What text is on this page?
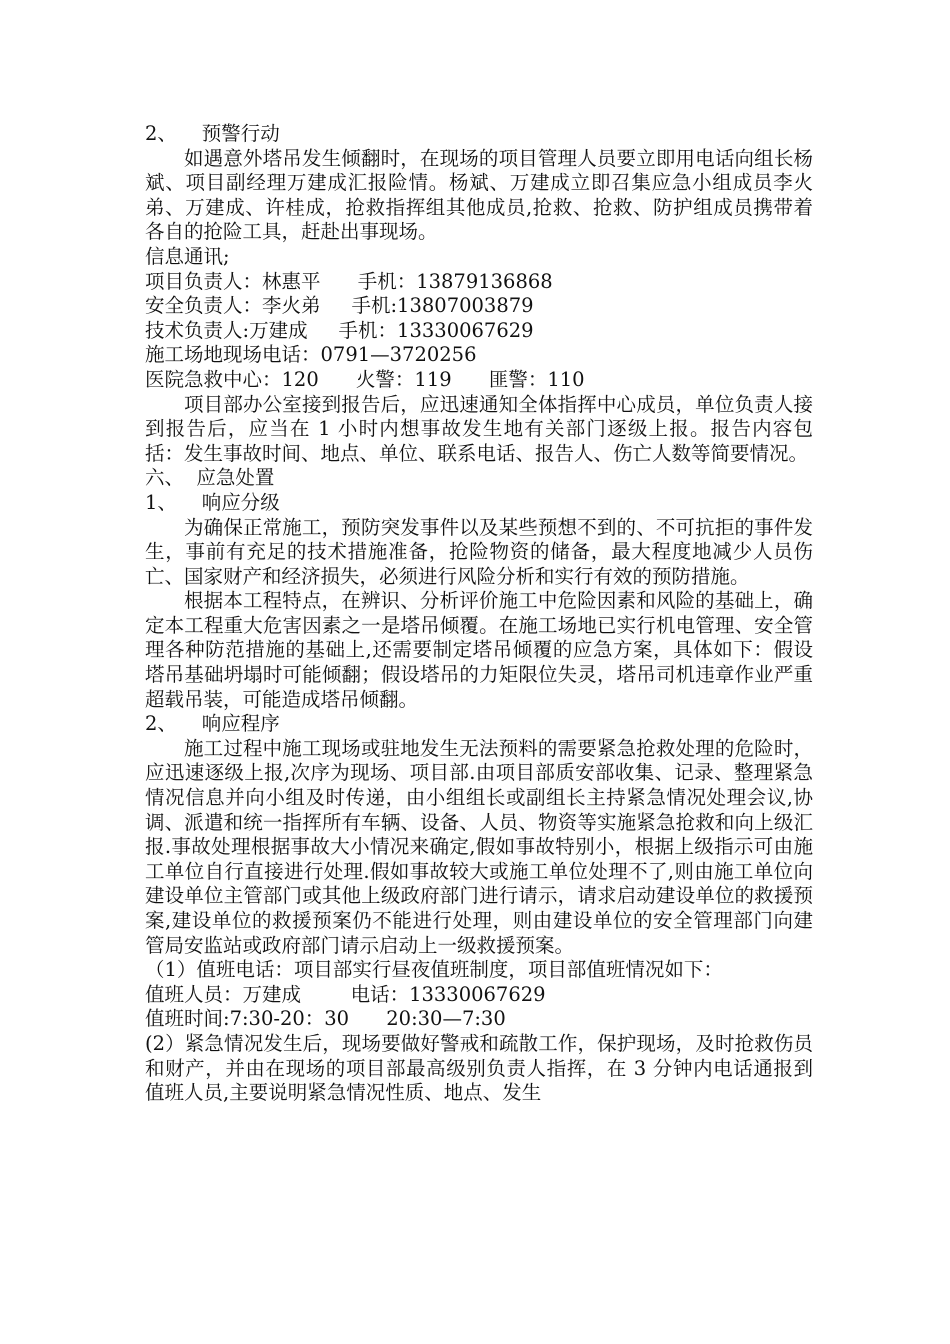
2、    预警行动

如遇意外塔吊发生倾翻时，在现场的项目管理人员要立即用电话向组长杨斌、项目副经理万建成汇报险情。杨斌、万建成立即召集应急小组成员李火弟、万建成、许桂成，抢救指挥组其他成员,抢救、抢救、防护组成员携带着各自的抢险工具，赶赴出事现场。

信息通讯;
项目负责人：林惠平      手机：13879136868
安全负责人：李火弟     手机:13807003879
技术负责人:万建成     手机：13330067629
施工场地现场电话：0791—3720256
医院急救中心：120      火警：119      匪警：110

项目部办公室接到报告后，应迅速通知全体指挥中心成员，单位负责人接到报告后，应当在 1 小时内想事故发生地有关部门逐级上报。报告内容包括：发生事故时间、地点、单位、联系电话、报告人、伤亡人数等简要情况。

六、  应急处置
1、    响应分级

为确保正常施工，预防突发事件以及某些预想不到的、不可抗拒的事件发生，事前有充足的技术措施准备，抢险物资的储备，最大程度地减少人员伤亡、国家财产和经济损失，必须进行风险分析和实行有效的预防措施。

根据本工程特点，在辨识、分析评价施工中危险因素和风险的基础上，确定本工程重大危害因素之一是塔吊倾覆。在施工场地已实行机电管理、安全管理各种防范措施的基础上,还需要制定塔吊倾覆的应急方案，具体如下：假设塔吊基础坍塌时可能倾翻；假设塔吊的力矩限位失灵，塔吊司机违章作业严重超载吊装，可能造成塔吊倾翻。

2、    响应程序

施工过程中施工现场或驻地发生无法预料的需要紧急抢救处理的危险时，应迅速逐级上报,次序为现场、项目部.由项目部质安部收集、记录、整理紧急情况信息并向小组及时传递，由小组组长或副组长主持紧急情况处理会议,协调、派遣和统一指挥所有车辆、设备、人员、物资等实施紧急抢救和向上级汇报.事故处理根据事故大小情况来确定,假如事故特别小，根据上级指示可由施工单位自行直接进行处理.假如事故较大或施工单位处理不了,则由施工单位向建设单位主管部门或其他上级政府部门进行请示，请求启动建设单位的救援预案,建设单位的救援预案仍不能进行处理，则由建设单位的安全管理部门向建管局安监站或政府部门请示启动上一级救援预案。

（1）值班电话：项目部实行昼夜值班制度，项目部值班情况如下：
值班人员：万建成        电话：13330067629
值班时间:7:30-20：30      20:30—7:30

(2）紧急情况发生后，现场要做好警戒和疏散工作，保护现场，及时抢救伤员和财产，并由在现场的项目部最高级别负责人指挥，在 3 分钟内电话通报到值班人员,主要说明紧急情况性质、地点、发生
